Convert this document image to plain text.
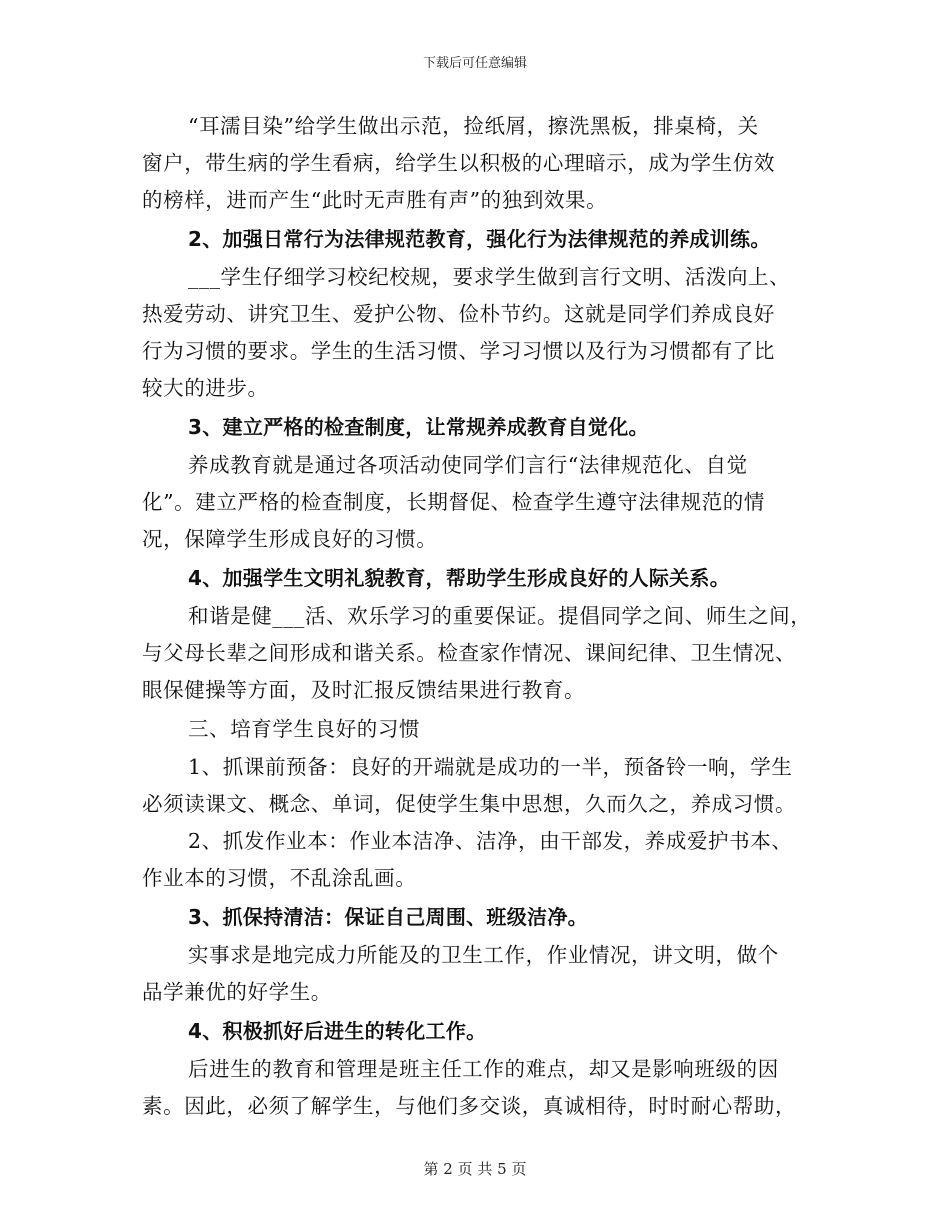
下载后可任意编辑

“耳濡目染”给学生做出示范，捡纸屑，擦洗黑板，排桌椅，关
窗户，带生病的学生看病，给学生以积极的心理暗示，成为学生仿效
的榜样，进而产生“此时无声胜有声”的独到效果。

2、加强日常行为法律规范教育，强化行为法律规范的养成训练。

___学生仔细学习校纪校规，要求学生做到言行文明、活泼向上、
热爱劳动、讲究卫生、爱护公物、俭朴节约。这就是同学们养成良好
行为习惯的要求。学生的生活习惯、学习习惯以及行为习惯都有了比
较大的进步。

3、建立严格的检查制度，让常规养成教育自觉化。

养成教育就是通过各项活动使同学们言行“法律规范化、自觉
化”。建立严格的检查制度，长期督促、检查学生遵守法律规范的情
况，保障学生形成良好的习惯。

4、加强学生文明礼貌教育，帮助学生形成良好的人际关系。

和谐是健___活、欢乐学习的重要保证。提倡同学之间、师生之间，
与父母长辈之间形成和谐关系。检查家作情况、课间纪律、卫生情况、
眼保健操等方面，及时汇报反馈结果进行教育。

三、培育学生良好的习惯

1、抓课前预备：良好的开端就是成功的一半，预备铃一响，学生
必须读课文、概念、单词，促使学生集中思想，久而久之，养成习惯。

2、抓发作业本：作业本洁净、洁净，由干部发，养成爱护书本、
作业本的习惯，不乱涂乱画。

3、抓保持清洁：保证自己周围、班级洁净。

实事求是地完成力所能及的卫生工作，作业情况，讲文明，做个
品学兼优的好学生。

4、积极抓好后进生的转化工作。

后进生的教育和管理是班主任工作的难点，却又是影响班级的因
素。因此，必须了解学生，与他们多交谈，真诚相待，时时耐心帮助，

第 2 页 共 5 页
